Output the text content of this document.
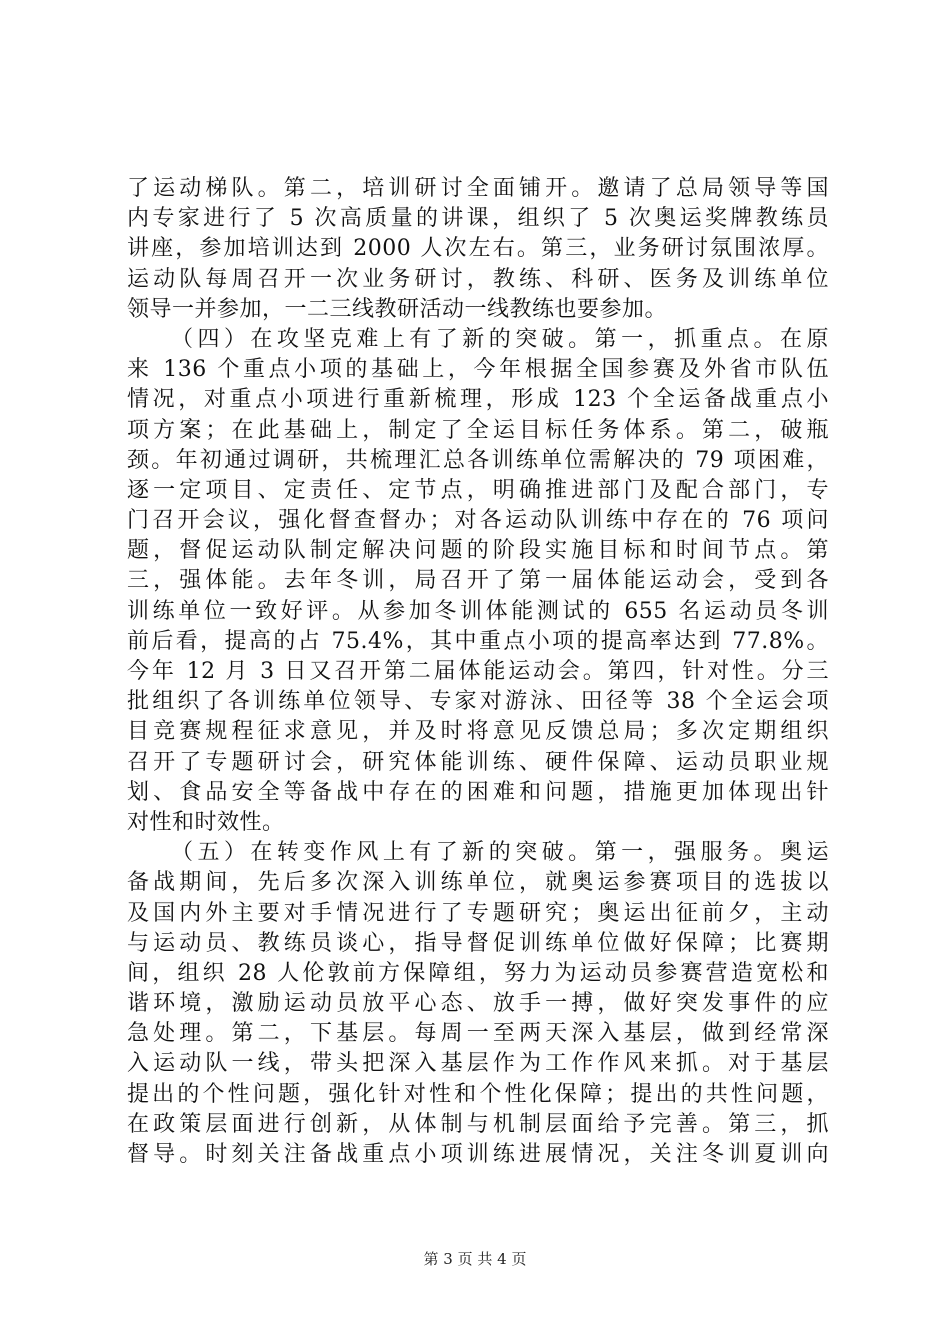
了运动梯队。第二，培训研讨全面铺开。邀请了总局领导等国
内专家进行了 5 次高质量的讲课，组织了 5 次奥运奖牌教练员
讲座，参加培训达到 2000 人次左右。第三，业务研讨氛围浓厚。
运动队每周召开一次业务研讨，教练、科研、医务及训练单位
领导一并参加，一二三线教研活动一线教练也要参加。
（四）在攻坚克难上有了新的突破。第一，抓重点。在原
来 136 个重点小项的基础上，今年根据全国参赛及外省市队伍
情况，对重点小项进行重新梳理，形成 123 个全运备战重点小
项方案；在此基础上，制定了全运目标任务体系。第二，破瓶
颈。年初通过调研，共梳理汇总各训练单位需解决的 79 项困难，
逐一定项目、定责任、定节点，明确推进部门及配合部门，专
门召开会议，强化督查督办；对各运动队训练中存在的 76 项问
题，督促运动队制定解决问题的阶段实施目标和时间节点。第
三，强体能。去年冬训，局召开了第一届体能运动会，受到各
训练单位一致好评。从参加冬训体能测试的 655 名运动员冬训
前后看，提高的占 75.4%，其中重点小项的提高率达到 77.8%。
今年 12 月 3 日又召开第二届体能运动会。第四，针对性。分三
批组织了各训练单位领导、专家对游泳、田径等 38 个全运会项
目竞赛规程征求意见，并及时将意见反馈总局；多次定期组织
召开了专题研讨会，研究体能训练、硬件保障、运动员职业规
划、食品安全等备战中存在的困难和问题，措施更加体现出针
对性和时效性。
（五）在转变作风上有了新的突破。第一，强服务。奥运
备战期间，先后多次深入训练单位，就奥运参赛项目的选拔以
及国内外主要对手情况进行了专题研究；奥运出征前夕，主动
与运动员、教练员谈心，指导督促训练单位做好保障；比赛期
间，组织 28 人伦敦前方保障组，努力为运动员参赛营造宽松和
谐环境，激励运动员放平心态、放手一搏，做好突发事件的应
急处理。第二，下基层。每周一至两天深入基层，做到经常深
入运动队一线，带头把深入基层作为工作作风来抓。对于基层
提出的个性问题，强化针对性和个性化保障；提出的共性问题，
在政策层面进行创新，从体制与机制层面给予完善。第三，抓
督导。时刻关注备战重点小项训练进展情况，关注冬训夏训向
第 3 页 共 4 页
